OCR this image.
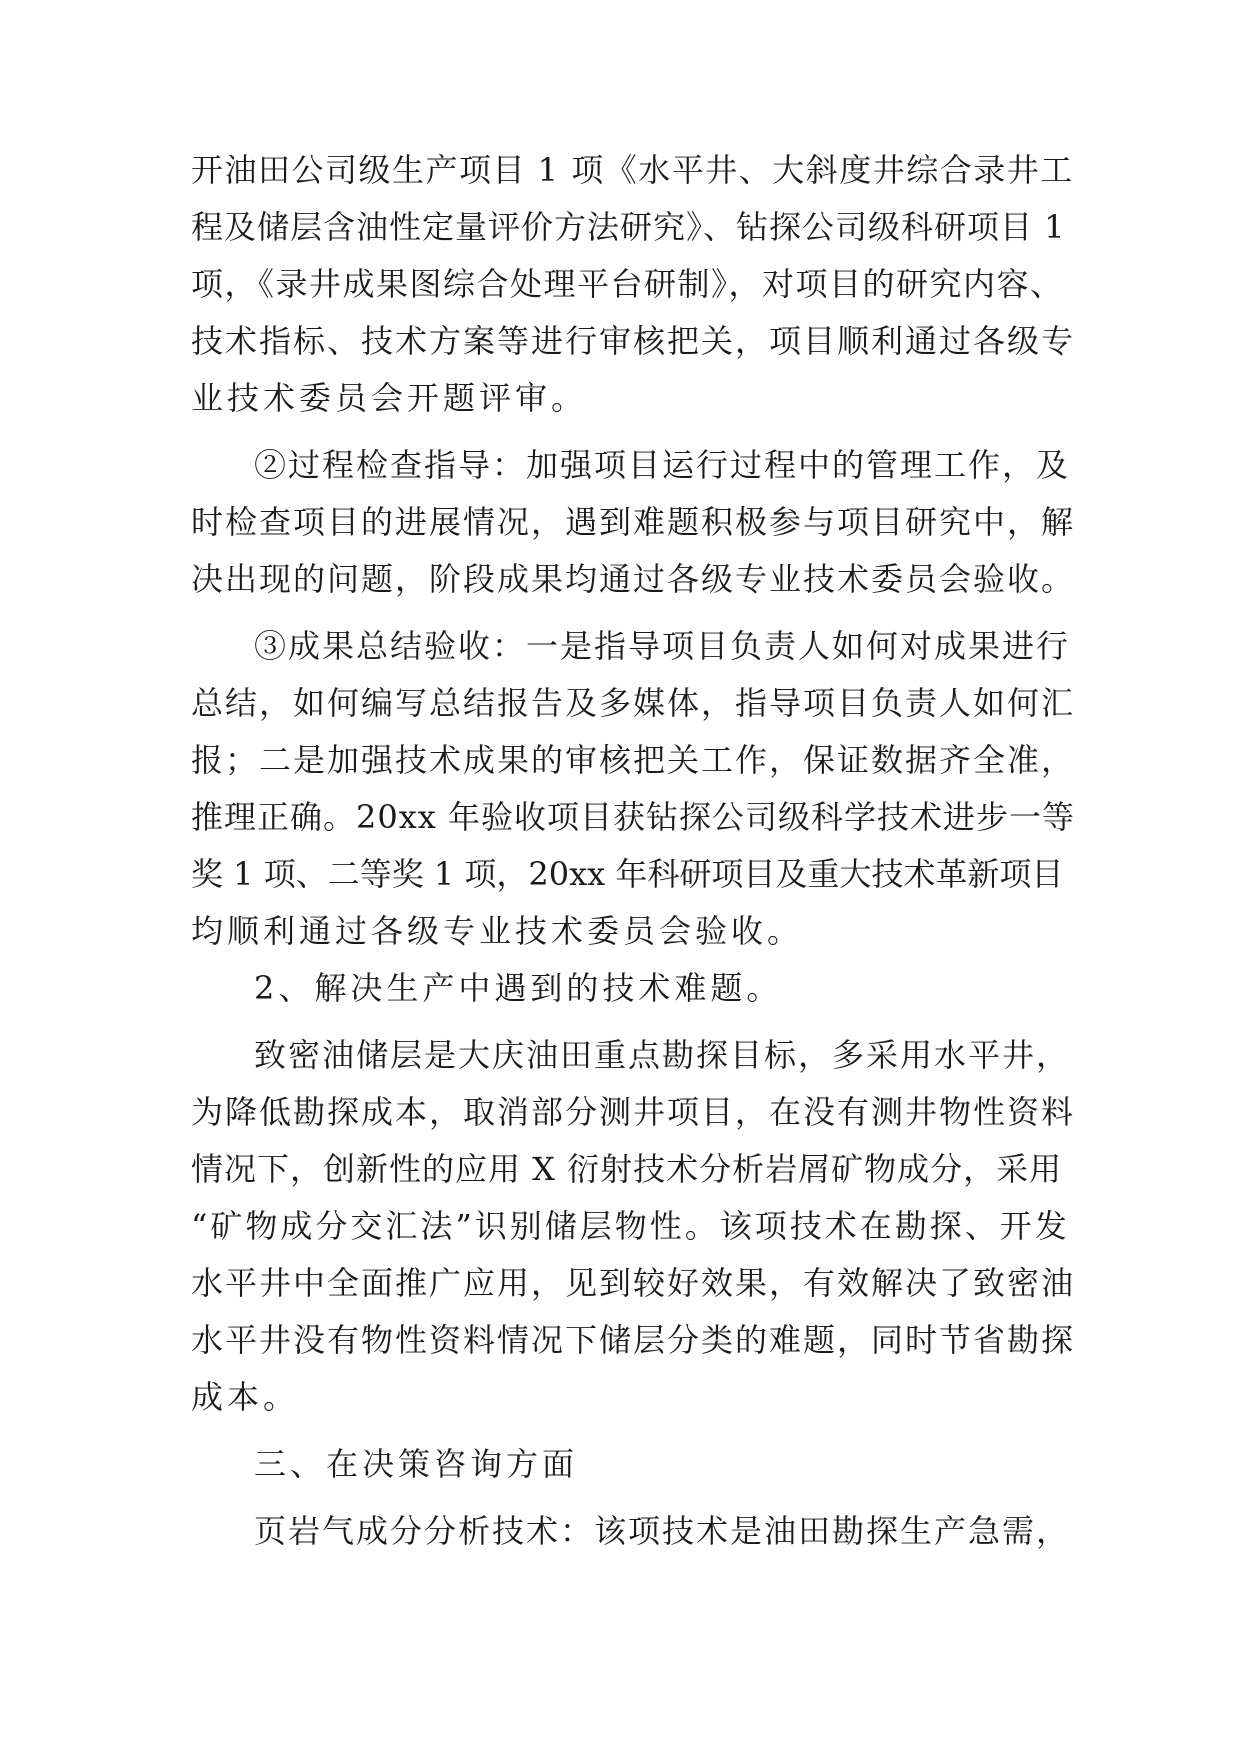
开油田公司级生产项目 1 项《水平井、大斜度井综合录井工

程及储层含油性定量评价方法研究》、钻探公司级科研项目 1

项，《录井成果图综合处理平台研制》，对项目的研究内容、

技术指标、技术方案等进行审核把关，项目顺利通过各级专

业技术委员会开题评审。

②过程检查指导：加强项目运行过程中的管理工作，及

时检查项目的进展情况，遇到难题积极参与项目研究中，解

决出现的问题，阶段成果均通过各级专业技术委员会验收。

③成果总结验收：一是指导项目负责人如何对成果进行

总结，如何编写总结报告及多媒体，指导项目负责人如何汇

报；二是加强技术成果的审核把关工作，保证数据齐全准，

推理正确。20xx 年验收项目获钻探公司级科学技术进步一等

奖 1 项、二等奖 1 项，20xx 年科研项目及重大技术革新项目

均顺利通过各级专业技术委员会验收。

2、解决生产中遇到的技术难题。

致密油储层是大庆油田重点勘探目标，多采用水平井，

为降低勘探成本，取消部分测井项目，在没有测井物性资料

情况下，创新性的应用 X 衍射技术分析岩屑矿物成分，采用

“矿物成分交汇法”识别储层物性。该项技术在勘探、开发

水平井中全面推广应用，见到较好效果，有效解决了致密油

水平井没有物性资料情况下储层分类的难题，同时节省勘探

成本。

三、在决策咨询方面

页岩气成分分析技术：该项技术是油田勘探生产急需，
